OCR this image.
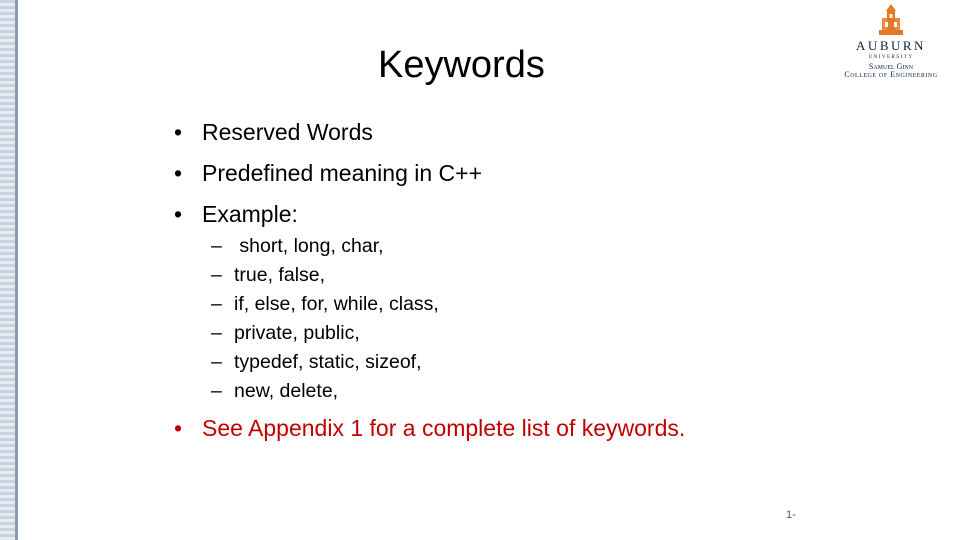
Keywords	AUBURN
UNIVERSITY
Samuel Ginn
College of Engineering
• Reserved Words
• Predefined meaning in C++
• Example:
– short, long, char,
– true, false,
– if, else, for, while, class,
– private, public,
– typedef, static, sizeof,
– new, delete,
• See Appendix 1 for a complete list of keywords.
1-
